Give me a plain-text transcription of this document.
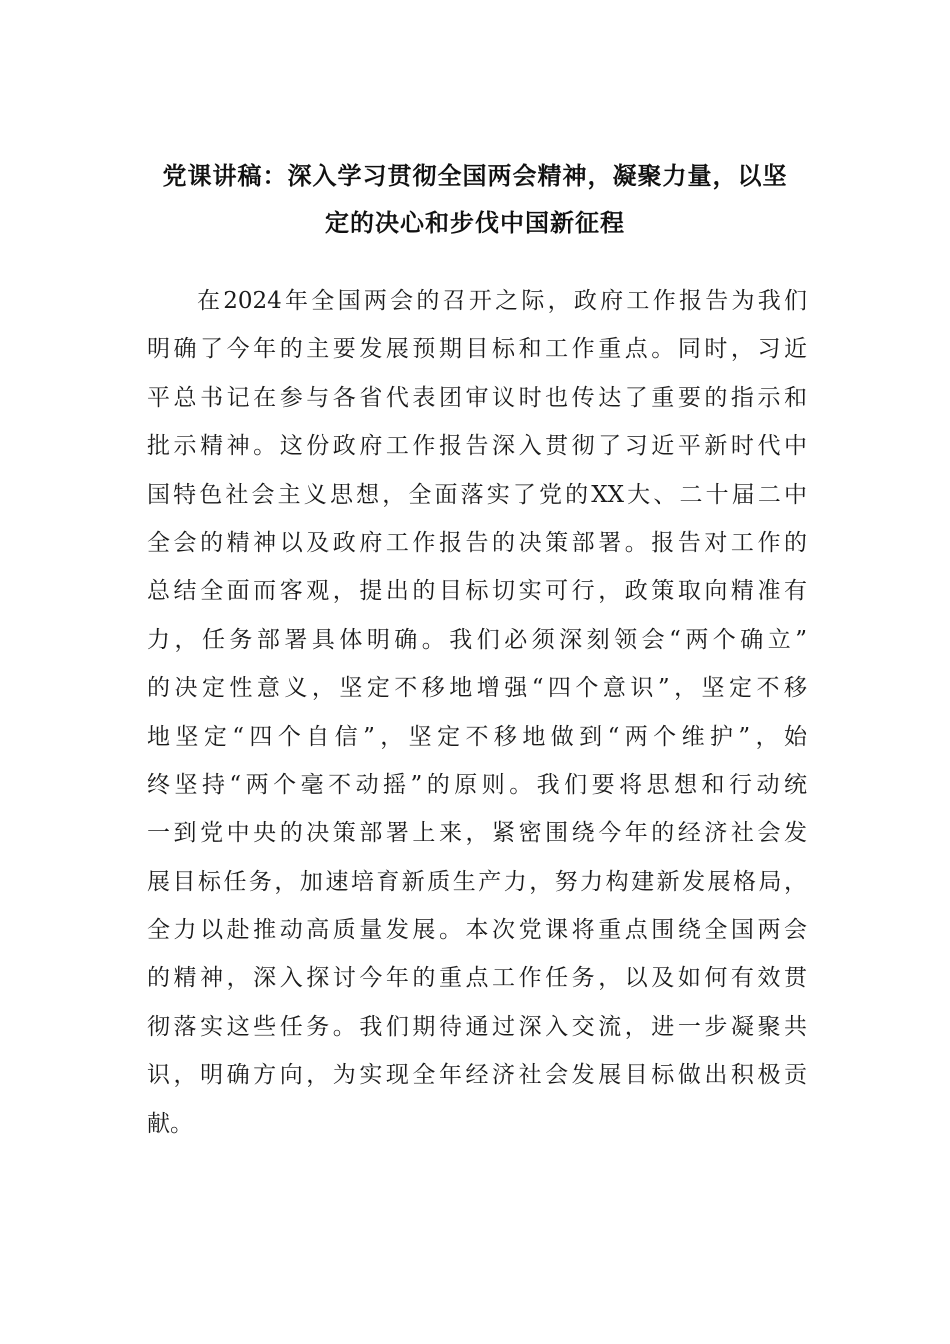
党课讲稿：深入学习贯彻全国两会精神，凝聚力量，以坚
定的决心和步伐中国新征程
在2024年全国两会的召开之际，政府工作报告为我们
明确了今年的主要发展预期目标和工作重点。同时，习近
平总书记在参与各省代表团审议时也传达了重要的指示和
批示精神。这份政府工作报告深入贯彻了习近平新时代中
国特色社会主义思想，全面落实了党的XX大、二十届二中
全会的精神以及政府工作报告的决策部署。报告对工作的
总结全面而客观，提出的目标切实可行，政策取向精准有
力，任务部署具体明确。我们必须深刻领会“两个确立”
的决定性意义，坚定不移地增强“四个意识”，坚定不移
地坚定“四个自信”，坚定不移地做到“两个维护”，始
终坚持“两个毫不动摇”的原则。我们要将思想和行动统
一到党中央的决策部署上来，紧密围绕今年的经济社会发
展目标任务，加速培育新质生产力，努力构建新发展格局，
全力以赴推动高质量发展。本次党课将重点围绕全国两会
的精神，深入探讨今年的重点工作任务，以及如何有效贯
彻落实这些任务。我们期待通过深入交流，进一步凝聚共
识，明确方向，为实现全年经济社会发展目标做出积极贡
献。
